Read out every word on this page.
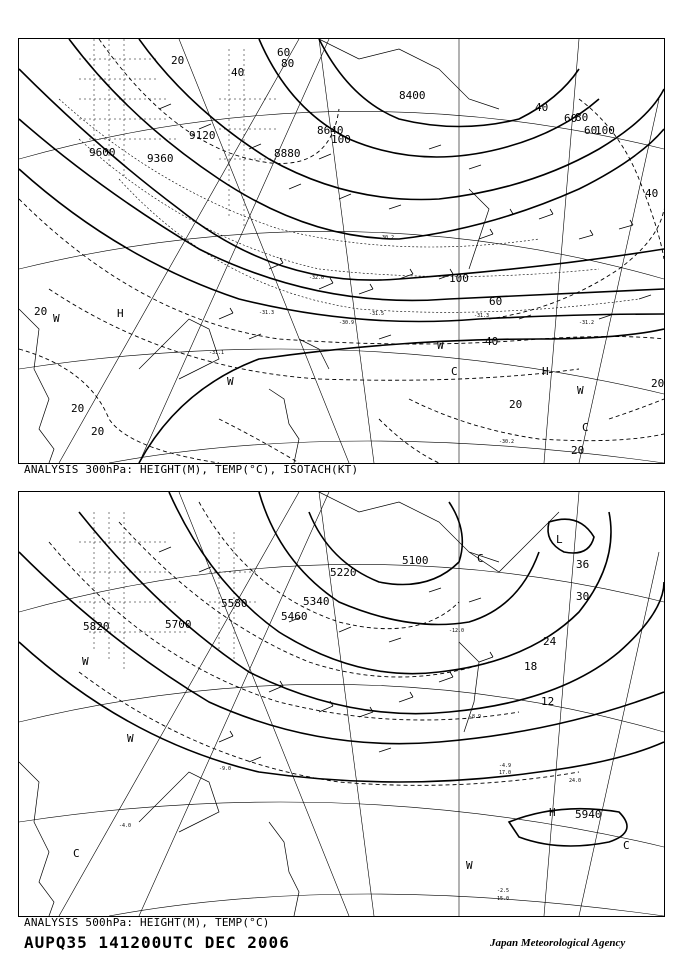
-30.2
-31.3	-31.3
-30.2
-31.5
-30.9	-31.2
-32.0
-31.1
9600	9360
9120
8880
8640
8400
20
20
20
20
20
20
20
40
40
40
40
60
60
60
60
80
80
100
100
100
H
W
W
C	H
W
C
W
ANALYSIS 300hPa: HEIGHT(M), TEMP(°C), ISOTACH(KT)
-12.0
-8.9
-4.9
17.0
24.0
-9.0
-2.5
15.0
-4.0
5820	5700
5580
5460
5340
5220
5100
5940
36
30
24
18
12
W
W
C
C
L
H
C
W
ANALYSIS 500hPa: HEIGHT(M), TEMP(°C)
AUPQ35 141200UTC DEC 2006	Japan Meteorological Agency
